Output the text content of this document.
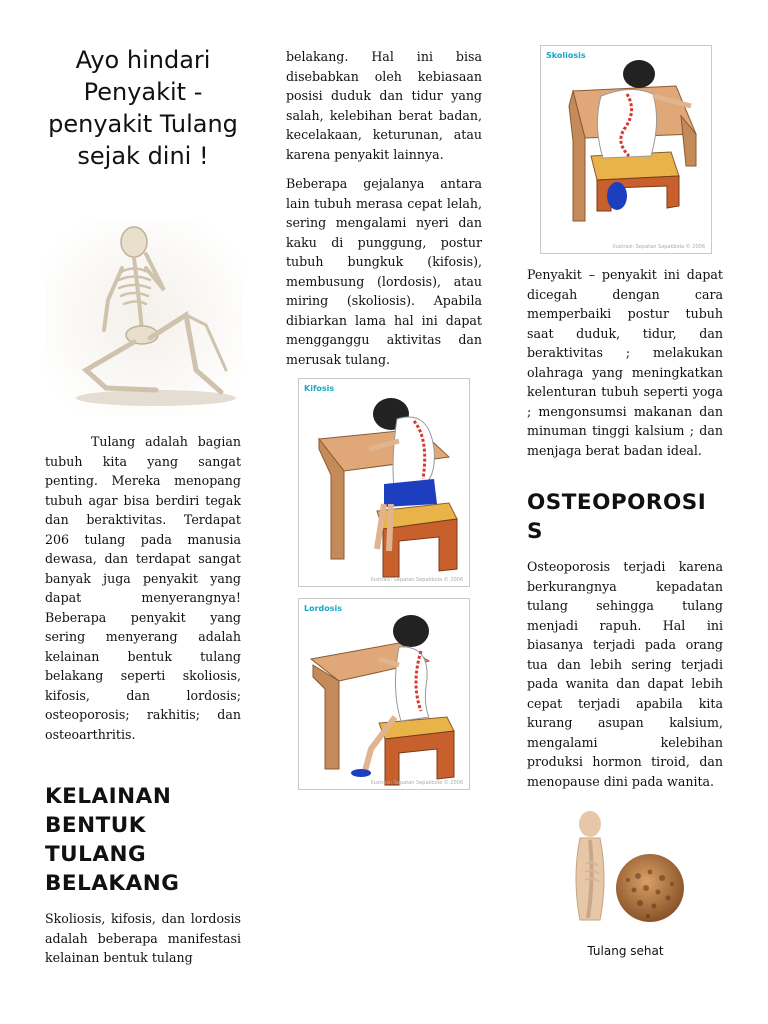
Ayo hindari Penyakit - penyakit Tulang sejak dini !

Tulang adalah bagian tubuh kita yang sangat penting. Mereka menopang tubuh agar bisa berdiri tegak dan beraktivitas. Terdapat 206 tulang pada manusia dewasa, dan terdapat sangat banyak juga penyakit yang dapat menyerangnya! Beberapa penyakit yang sering menyerang adalah kelainan bentuk tulang belakang seperti skoliosis, kifosis, dan lordosis; osteoporosis; rakhitis; dan osteoarthritis.

KELAINAN BENTUK TULANG BELAKANG

Skoliosis, kifosis, dan lordosis adalah beberapa manifestasi kelainan bentuk tulang

belakang. Hal ini bisa disebabkan oleh kebiasaan posisi duduk dan tidur yang salah, kelebihan berat badan, kecelakaan, keturunan, atau karena penyakit lainnya.

Beberapa gejalanya antara lain tubuh merasa cepat lelah, sering mengalami nyeri dan kaku di punggung, postur tubuh bungkuk (kifosis), membusung (lordosis), atau miring (skoliosis). Apabila dibiarkan lama hal ini dapat mengganggu aktivitas dan merusak tulang.

Kifosis
Ilustrasi: Sepatan Sepakbola © 2006
Lordosis
Ilustrasi: Sepatan Sepakbola © 2006
Skoliosis
Ilustrasi: Sepatan Sepakbola © 2006

Penyakit – penyakit ini dapat dicegah dengan cara memperbaiki postur tubuh saat duduk, tidur, dan beraktivitas ; melakukan olahraga yang meningkatkan kelenturan tubuh seperti yoga ; mengonsumsi makanan dan minuman tinggi kalsium ; dan menjaga berat badan ideal.

OSTEOPOROSIS

Osteoporosis terjadi karena berkurangnya kepadatan tulang sehingga tulang menjadi rapuh. Hal ini biasanya terjadi pada orang tua dan lebih sering terjadi pada wanita dan dapat lebih cepat terjadi apabila kita kurang asupan kalsium, mengalami kelebihan produksi hormon tiroid, dan menopause dini pada wanita.

Tulang sehat
